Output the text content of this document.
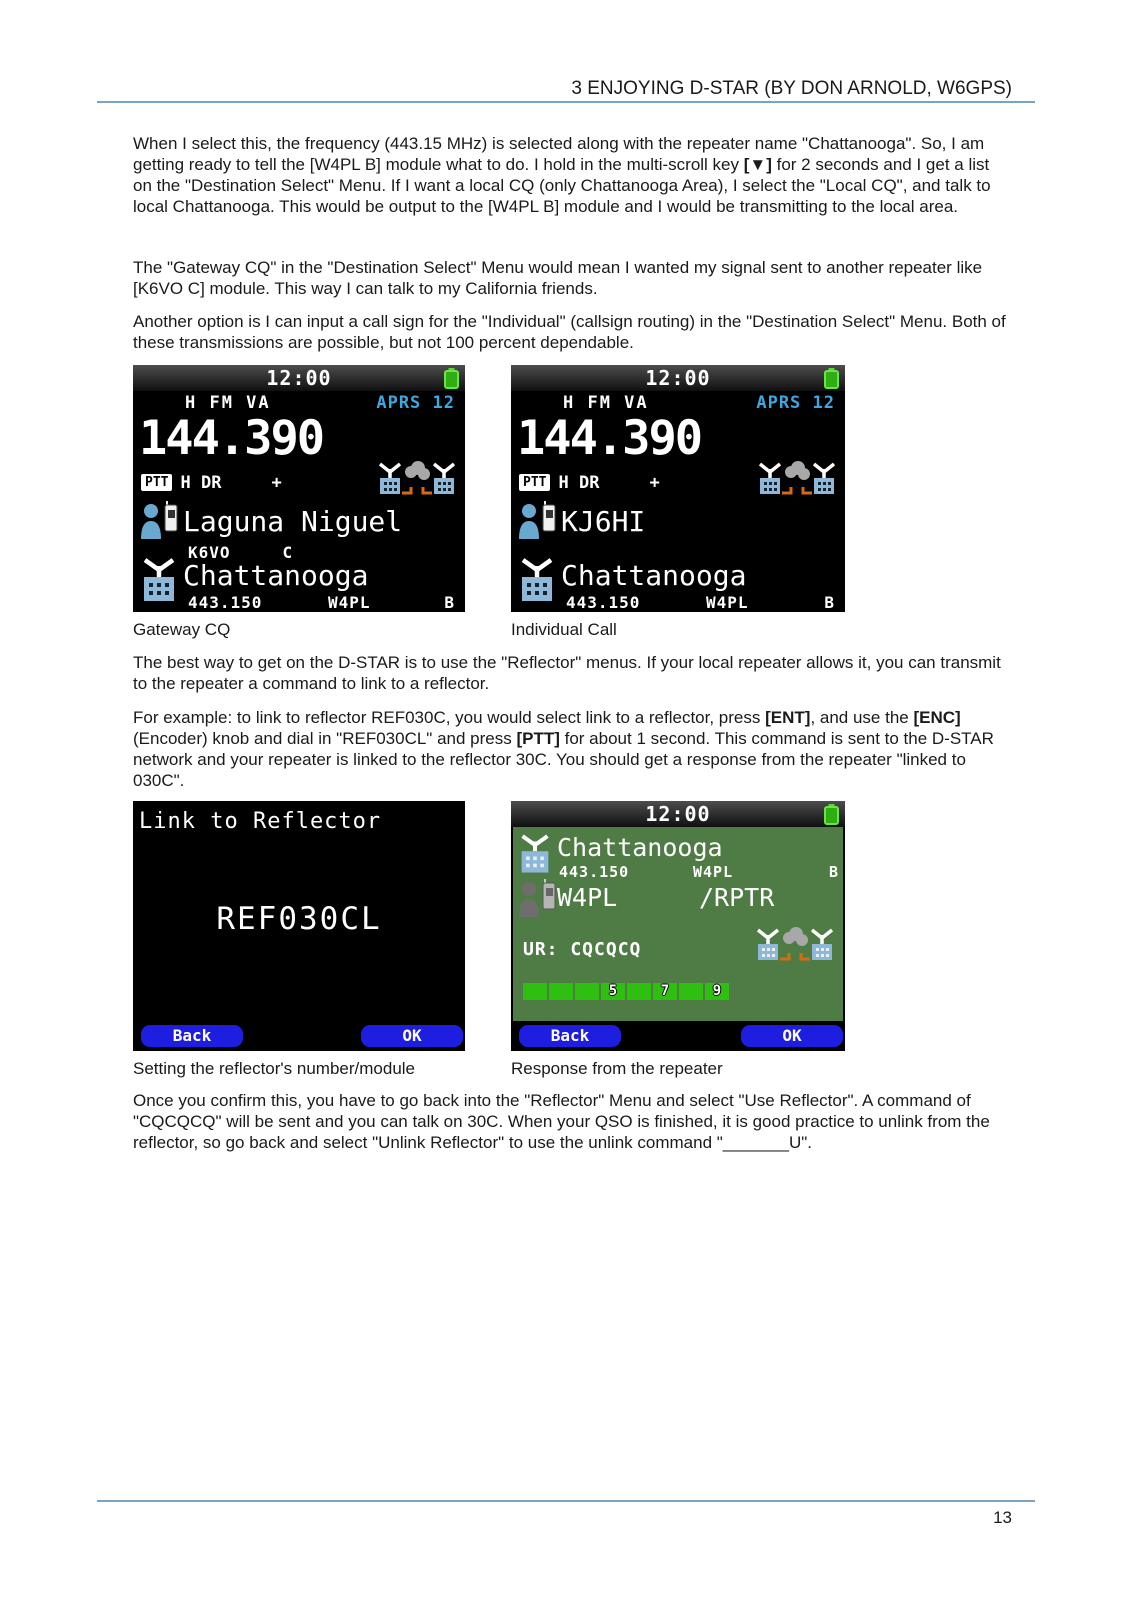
3 ENJOYING D-STAR (BY DON ARNOLD, W6GPS)

When I select this, the frequency (443.15 MHz) is selected along with the repeater name "Chattanooga". So, I am getting ready to tell the [W4PL B] module what to do. I hold in the multi-scroll key [▼] for 2 seconds and I get a list on the "Destination Select" Menu. If I want a local CQ (only Chattanooga Area), I select the "Local CQ", and talk to local Chattanooga. This would be output to the [W4PL B] module and I would be transmitting to the local area.

The "Gateway CQ" in the "Destination Select" Menu would mean I wanted my signal sent to another repeater like [K6VO C] module. This way I can talk to my California friends.

Another option is I can input a call sign for the "Individual" (callsign routing) in the "Destination Select" Menu. Both of these transmissions are possible, but not 100 percent dependable.

12:00
H FM VA	APRS 12
144.390
PTT H DR	+
Laguna Niguel
K6VO	C
Chattanooga
443.150	W4PL	B
Gateway CQ
12:00
H FM VA	APRS 12
144.390
PTT H DR	+
KJ6HI
Chattanooga
443.150	W4PL	B
Individual Call

The best way to get on the D-STAR is to use the "Reflector" menus. If your local repeater allows it, you can transmit to the repeater a command to link to a reflector.

For example: to link to reflector REF030C, you would select link to a reflector, press [ENT], and use the [ENC] (Encoder) knob and dial in "REF030CL" and press [PTT] for about 1 second. This command is sent to the D-STAR network and your repeater is linked to the reflector 30C. You should get a response from the repeater "linked to 030C".

Link to Reflector
REF030CL
Back	OK
Setting the reflector's number/module
12:00
Chattanooga
443.150	W4PL	B
W4PL	/RPTR
UR: CQCQCQ
5	7	9
Back	OK
Response from the repeater

Once you confirm this, you have to go back into the "Reflector" Menu and select "Use Reflector". A command of "CQCQCQ" will be sent and you can talk on 30C. When your QSO is finished, it is good practice to unlink from the reflector, so go back and select "Unlink Reflector" to use the unlink command "_______U".

13
